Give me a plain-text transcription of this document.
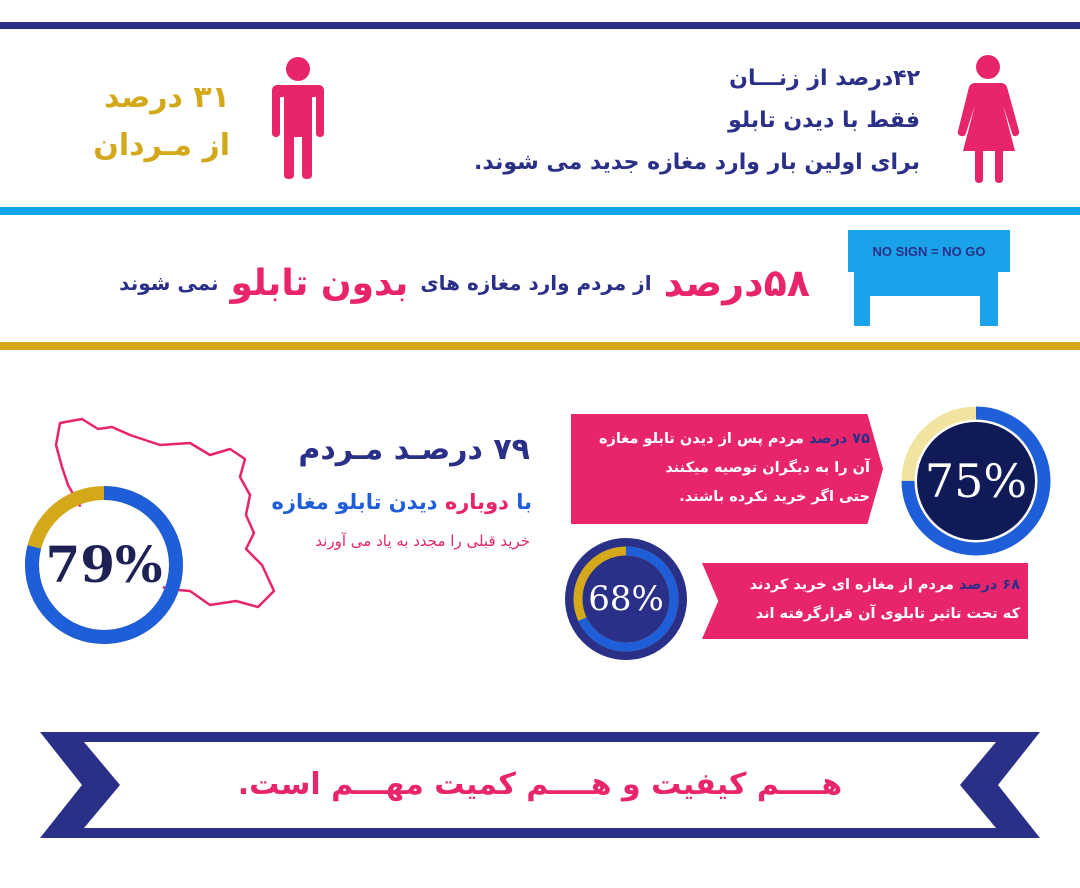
۳۱ درصد
از مـردان
۴۲درصد از زنـــان
فقط با دیدن تابلو
برای اولین بار وارد مغازه جدید می شوند.
۵۸درصد
از مردم وارد مغازه های
بدون تابلو
نمی شوند
NO SIGN = NO GO
79%
۷۹ درصـد مـردم
با دوباره دیدن تابلو مغازه
خرید قبلی را مجدد به یاد می آورند
۷۵ درصد مردم پس از دیدن تابلو مغازه
آن را به دیگران توصیه میکنند
حتی اگر خرید نکرده باشند.	75%
68%	۶۸ درصد مردم از مغازه ای خرید کردند
که تحت تاثیر تابلوی آن قرارگرفته اند
هــــم کیفیت و هــــم کمیت مهـــم است.
